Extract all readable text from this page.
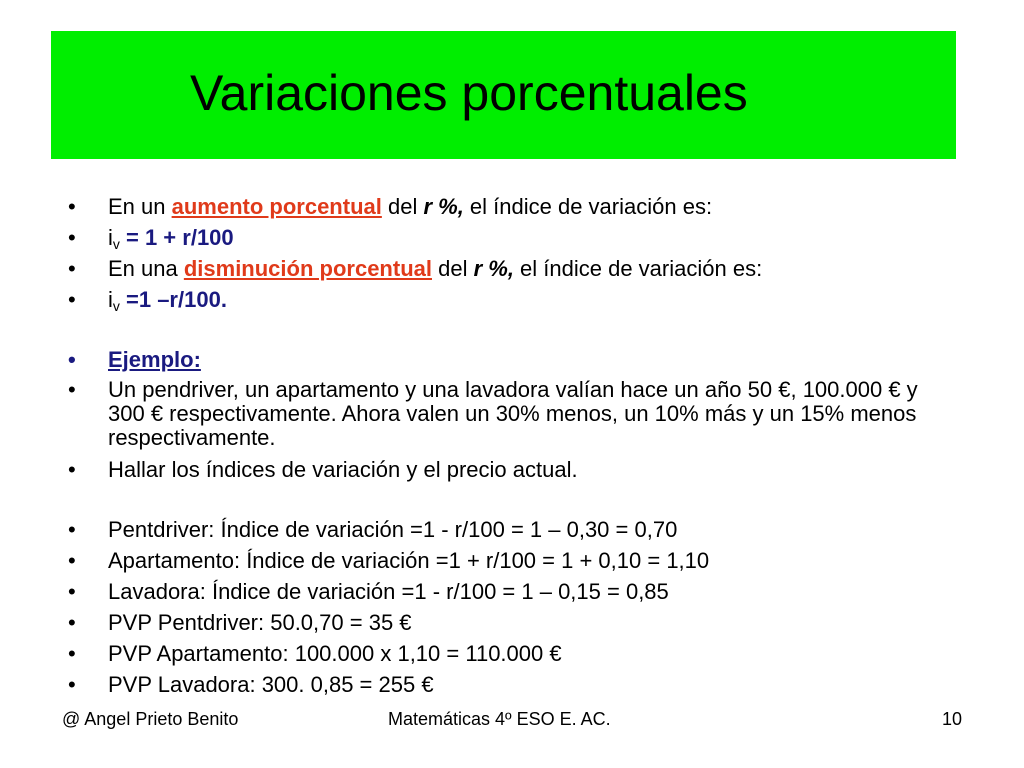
Variaciones porcentuales
•	En un aumento porcentual del r %, el índice de variación es:
•	$i_v = 1 + r/100$
•	En una disminución porcentual del r %, el índice de variación es:
•	$i_v =1$ –r/100.
•	Ejemplo:
•	Un pendriver, un apartamento y una lavadora valían hace un año 50 €, 100.000 € y 300 € respectivamente. Ahora valen un 30% menos, un 10% más y un 15% menos respectivamente.
•	Hallar los índices de variación y el precio actual.
•	Pentdriver: Índice de variación =1 - r/100 = 1 – 0,30 = 0,70
•	Apartamento: Índice de variación =1 + r/100 = 1 + 0,10 = 1,10
•	Lavadora: Índice de variación =1 - r/100 = 1 – 0,15 = 0,85
•	PVP Pentdriver: 50.0,70 = 35 €
•	PVP Apartamento: 100.000 x 1,10 = 110.000 €
•	PVP Lavadora: 300. 0,85 = 255 €
@ Angel Prieto Benito	Matemáticas 4º ESO E. AC.	10
